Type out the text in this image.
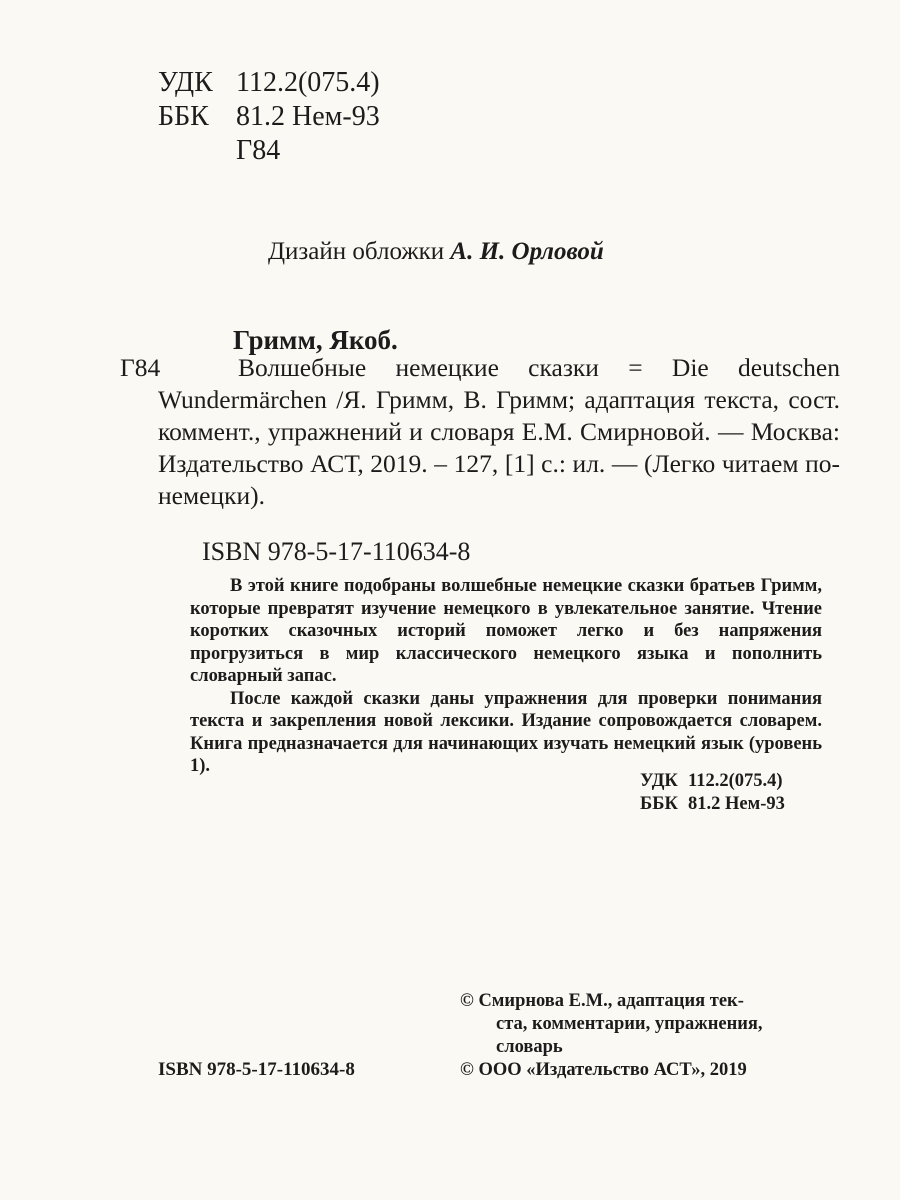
УДК 112.2(075.4)
ББК 81.2 Нем-93
Г84
Дизайн обложки А. И. Орловой
Гримм, Якоб.
Г84	Волшебные немецкие сказки = Die deutschen Wundermärchen /Я. Гримм, В. Гримм; адаптация текста, сост. коммент., упражнений и словаря Е.М. Смирновой. — Москва: Издательство АСТ, 2019. – 127, [1] с.: ил. — (Легко читаем по-немецки).
ISBN 978-5-17-110634-8

В этой книге подобраны волшебные немецкие сказки братьев Гримм, которые превратят изучение немецкого в увлекательное занятие. Чтение коротких сказочных историй поможет легко и без напряжения прогрузиться в мир классического немецкого языка и пополнить словарный запас.

После каждой сказки даны упражнения для проверки понимания текста и закрепления новой лексики. Издание сопровождается словарем. Книга предназначается для начинающих изучать немецкий язык (уровень 1).

УДК 112.2(075.4)
ББК 81.2 Нем-93
© Смирнова Е.М., адаптация тек-
ста, комментарии, упражнения,
словарь
© ООО «Издательство АСТ», 2019
ISBN 978-5-17-110634-8
